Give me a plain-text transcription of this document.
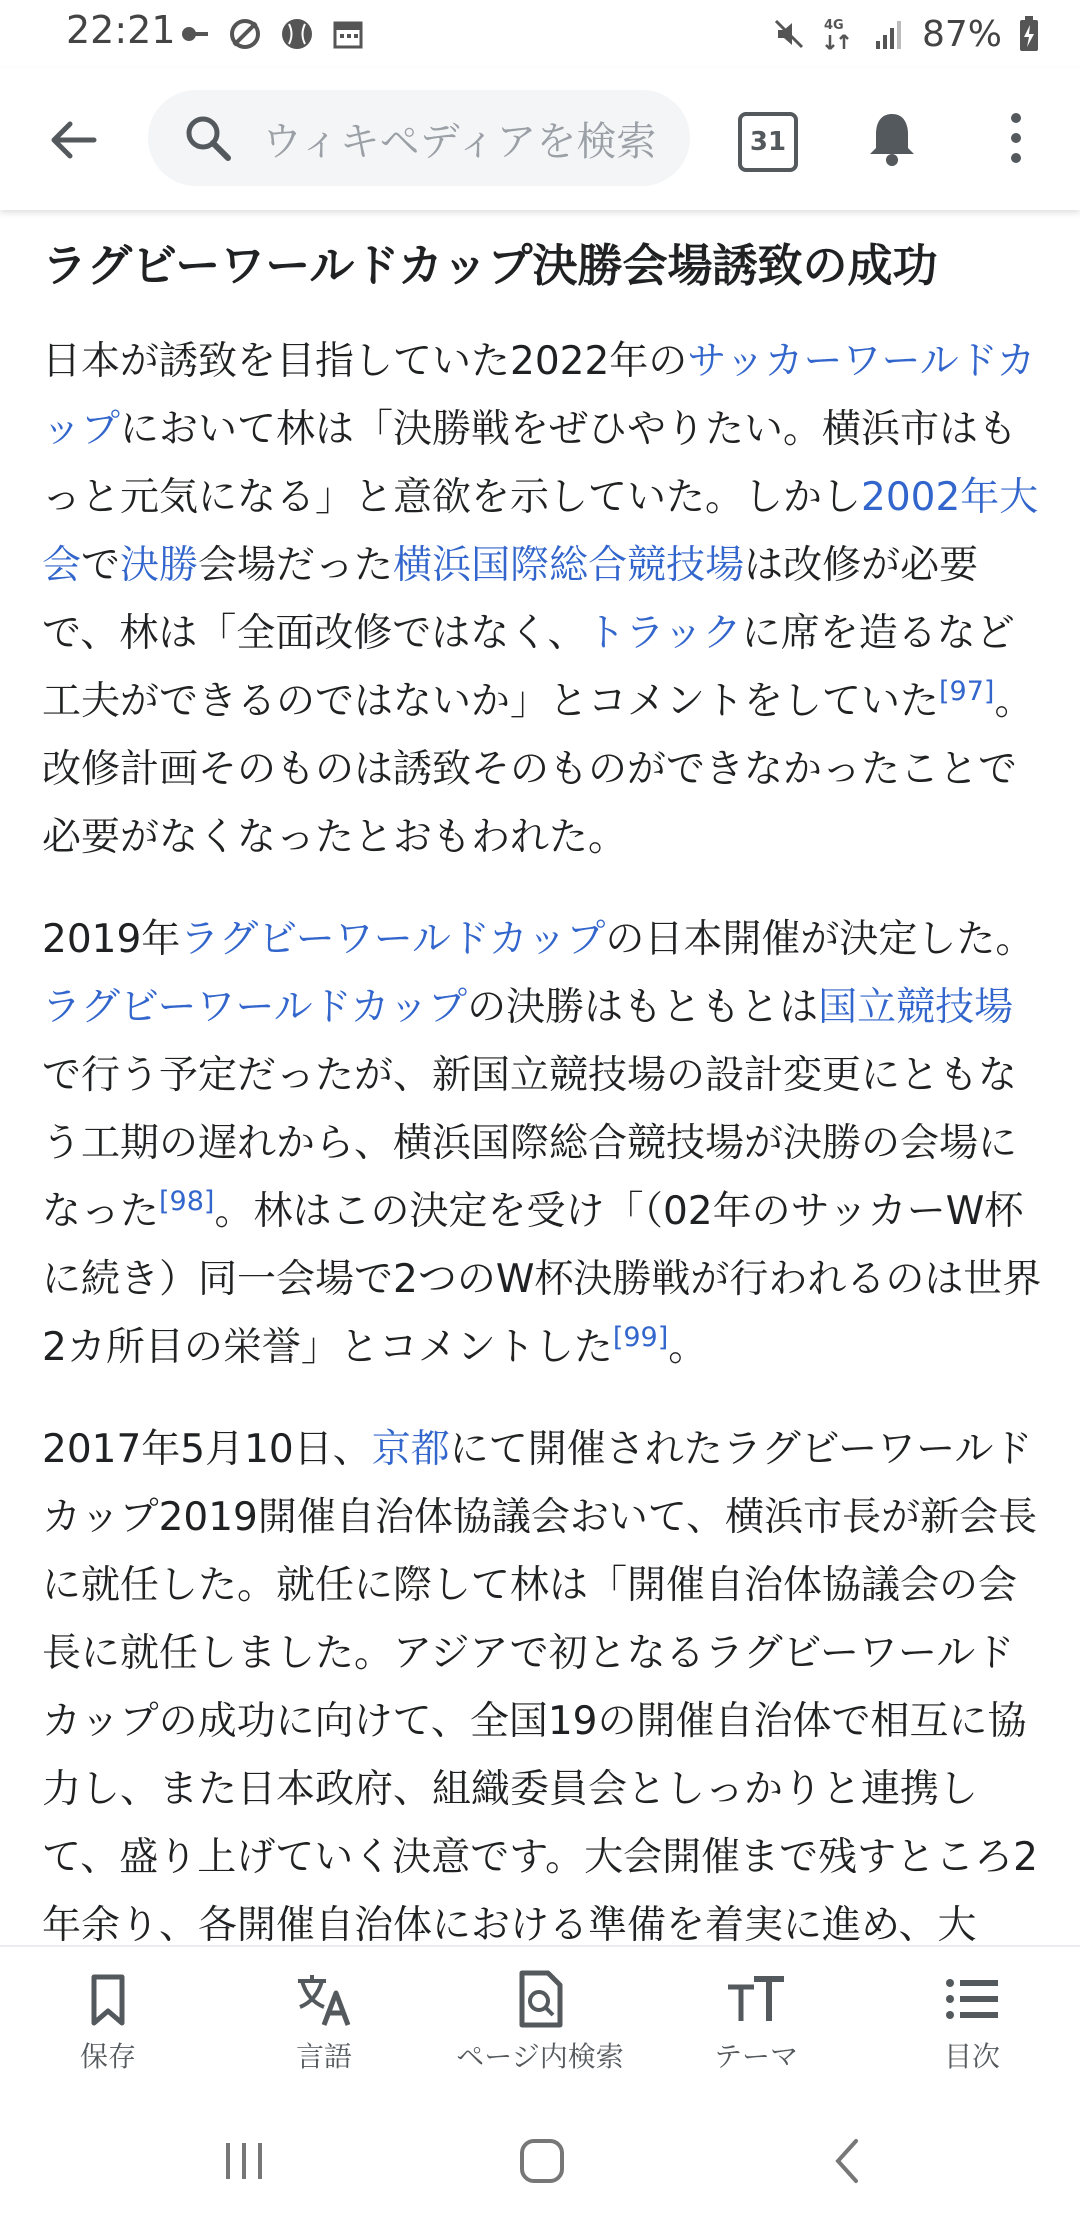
22:21	4G 87%
ウィキペディアを検索	31
ラグビーワールドカップ決勝会場誘致の成功

日本が誘致を目指していた2022年のサッカーワールドカップにおいて林は「決勝戦をぜひやりたい。横浜市はもっと元気になる」と意欲を示していた。しかし2002年大会で決勝会場だった横浜国際総合競技場は改修が必要で、林は「全面改修ではなく、トラックに席を造るなど工夫ができるのではないか」とコメントをしていた[97]。改修計画そのものは誘致そのものができなかったことで必要がなくなったとおもわれた。

2019年ラグビーワールドカップの日本開催が決定した。ラグビーワールドカップの決勝はもともとは国立競技場で行う予定だったが、新国立競技場の設計変更にともなう工期の遅れから、横浜国際総合競技場が決勝の会場になった[98]。林はこの決定を受け「（02年のサッカーW杯に続き）同一会場で2つのW杯決勝戦が行われるのは世界2カ所目の栄誉」とコメントした[99]。

2017年5月10日、京都にて開催されたラグビーワールドカップ2019開催自治体協議会おいて、横浜市長が新会長に就任した。就任に際して林は「開催自治体協議会の会長に就任しました。アジアで初となるラグビーワールドカップの成功に向けて、全国19の開催自治体で相互に協力し、また日本政府、組織委員会としっかりと連携して、盛り上げていく決意です。大会開催まで残すところ2年余り、各開催自治体における準備を着実に進め、大

保存	言語	ページ内検索	テーマ	目次
